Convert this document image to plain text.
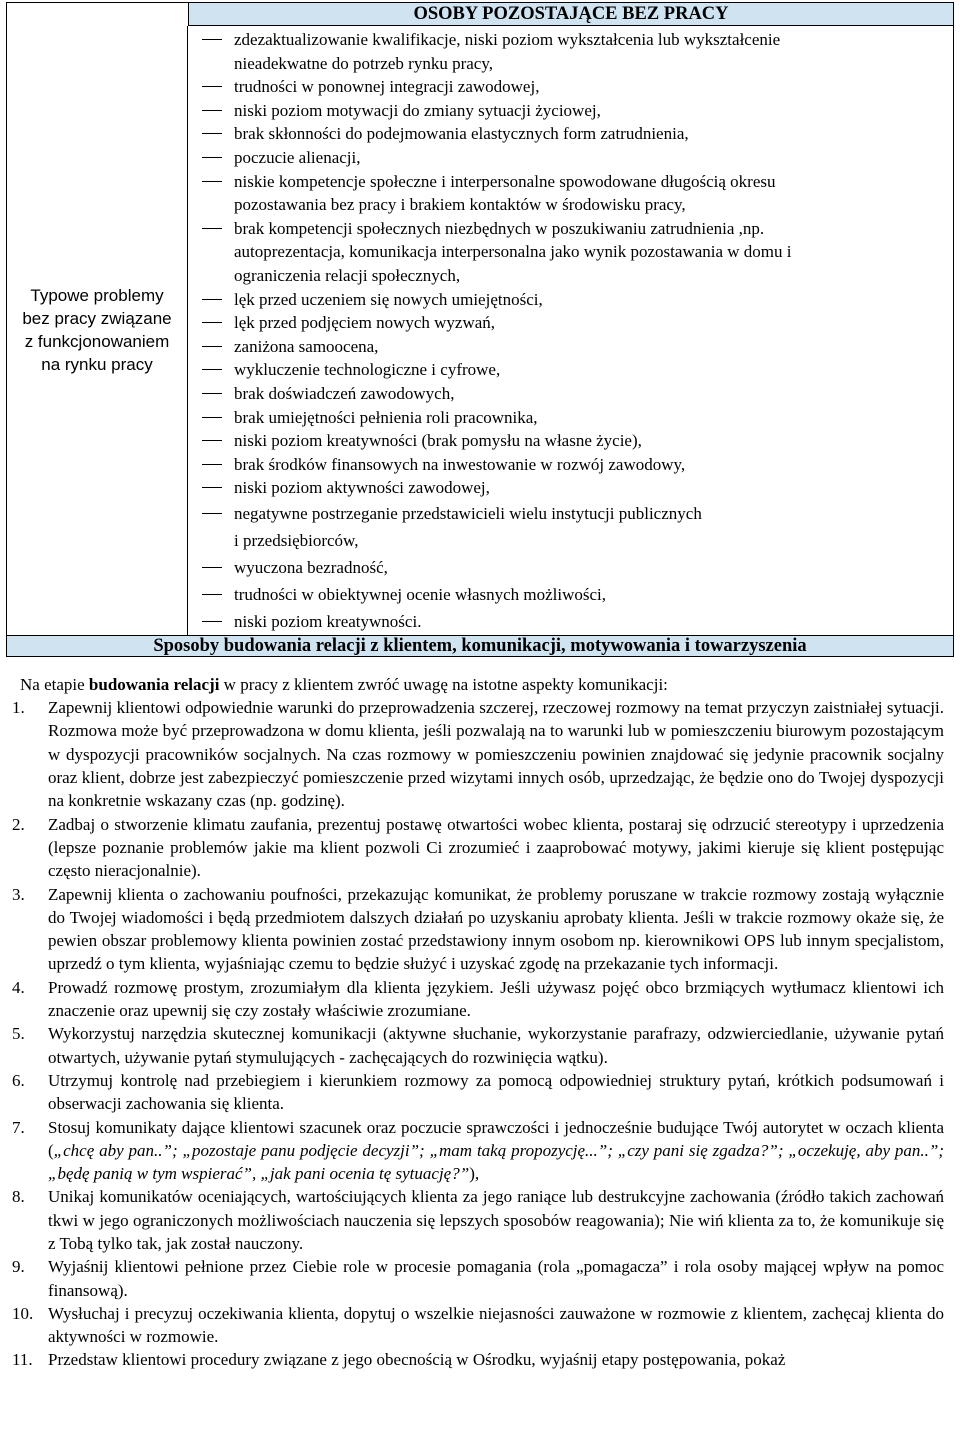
OSOBY POZOSTAJĄCE BEZ PRACY
Typowe problemy
bez pracy związane
z funkcjonowaniem
na rynku pracy
zdezaktualizowanie kwalifikacje, niski poziom wykształcenia lub wykształcenie
nieadekwatne do potrzeb rynku pracy,
trudności w ponownej integracji zawodowej,
niski poziom motywacji do zmiany sytuacji życiowej,
brak skłonności do podejmowania elastycznych form zatrudnienia,
poczucie alienacji,
niskie kompetencje społeczne i interpersonalne spowodowane długością okresu
pozostawania bez pracy i brakiem kontaktów w środowisku pracy,
brak kompetencji społecznych niezbędnych w poszukiwaniu zatrudnienia ,np.
autoprezentacja, komunikacja interpersonalna jako wynik pozostawania w domu i
ograniczenia relacji społecznych,
lęk przed uczeniem się nowych umiejętności,
lęk przed podjęciem nowych wyzwań,
zaniżona samoocena,
wykluczenie technologiczne i cyfrowe,
brak doświadczeń zawodowych,
brak umiejętności pełnienia roli pracownika,
niski poziom kreatywności (brak pomysłu na własne życie),
brak środków finansowych na inwestowanie w rozwój zawodowy,
niski poziom aktywności zawodowej,
negatywne postrzeganie przedstawicieli wielu instytucji publicznych
i przedsiębiorców,
wyuczona bezradność,
trudności w obiektywnej ocenie własnych możliwości,
niski poziom kreatywności.
Sposoby budowania relacji z klientem, komunikacji, motywowania i towarzyszenia
Na etapie budowania relacji w pracy z klientem zwróć uwagę na istotne aspekty komunikacji:
1. Zapewnij klientowi odpowiednie warunki do przeprowadzenia szczerej, rzeczowej rozmowy na temat przyczyn zaistniałej sytuacji. Rozmowa może być przeprowadzona w domu klienta, jeśli pozwalają na to warunki lub w pomieszczeniu biurowym pozostającym w dyspozycji pracowników socjalnych. Na czas rozmowy w pomieszczeniu powinien znajdować się jedynie pracownik socjalny oraz klient, dobrze jest zabezpieczyć pomieszczenie przed wizytami innych osób, uprzedzając, że będzie ono do Twojej dyspozycji na konkretnie wskazany czas (np. godzinę).
2. Zadbaj o stworzenie klimatu zaufania, prezentuj postawę otwartości wobec klienta, postaraj się odrzucić stereotypy i uprzedzenia (lepsze poznanie problemów jakie ma klient pozwoli Ci zrozumieć i zaaprobować motywy, jakimi kieruje się klient postępując często nieracjonalnie).
3. Zapewnij klienta o zachowaniu poufności, przekazując komunikat, że problemy poruszane w trakcie rozmowy zostają wyłącznie do Twojej wiadomości i będą przedmiotem dalszych działań po uzyskaniu aprobaty klienta. Jeśli w trakcie rozmowy okaże się, że pewien obszar problemowy klienta powinien zostać przedstawiony innym osobom np. kierownikowi OPS lub innym specjalistom, uprzedź o tym klienta, wyjaśniając czemu to będzie służyć i uzyskać zgodę na przekazanie tych informacji.
4. Prowadź rozmowę prostym, zrozumiałym dla klienta językiem. Jeśli używasz pojęć obco brzmiących wytłumacz klientowi ich znaczenie oraz upewnij się czy zostały właściwie zrozumiane.
5. Wykorzystuj narzędzia skutecznej komunikacji (aktywne słuchanie, wykorzystanie parafrazy, odzwierciedlanie, używanie pytań otwartych, używanie pytań stymulujących - zachęcających do rozwinięcia wątku).
6. Utrzymuj kontrolę nad przebiegiem i kierunkiem rozmowy za pomocą odpowiedniej struktury pytań, krótkich podsumowań i obserwacji zachowania się klienta.
7. Stosuj komunikaty dające klientowi szacunek oraz poczucie sprawczości i jednocześnie budujące Twój autorytet w oczach klienta („chcę aby pan..”; „pozostaje panu podjęcie decyzji”; „mam taką propozycję...”; „czy pani się zgadza?”; „oczekuję, aby pan..”; „będę panią w tym wspierać”, „jak pani ocenia tę sytuację?”),
8. Unikaj komunikatów oceniających, wartościujących klienta za jego raniące lub destrukcyjne zachowania (źródło takich zachowań tkwi w jego ograniczonych możliwościach nauczenia się lepszych sposobów reagowania); Nie wiń klienta za to, że komunikuje się z Tobą tylko tak, jak został nauczony.
9. Wyjaśnij klientowi pełnione przez Ciebie role w procesie pomagania (rola „pomagacza” i rola osoby mającej wpływ na pomoc finansową).
10. Wysłuchaj i precyzuj oczekiwania klienta, dopytuj o wszelkie niejasności zauważone w rozmowie z klientem, zachęcaj klienta do aktywności w rozmowie.
11. Przedstaw klientowi procedury związane z jego obecnością w Ośrodku, wyjaśnij etapy postępowania, pokaż
